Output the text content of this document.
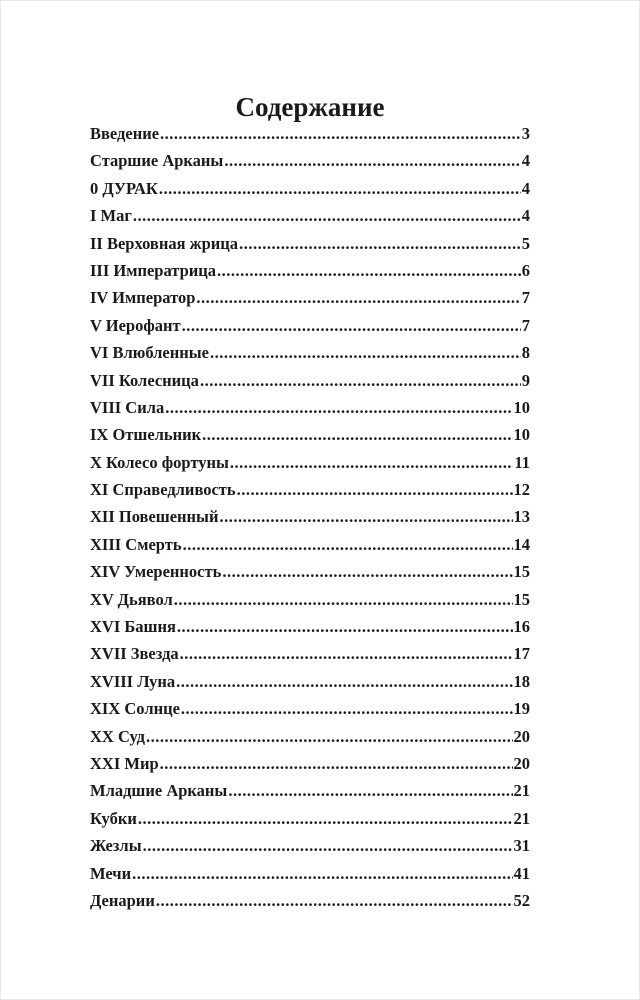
Содержание
Введение .....	3
Старшие Арканы .....	4
0 ДУРАК .....	4
I Маг .....	4
II Верховная жрица .....	5
III Императрица .....	6
IV Император .....	7
V Иерофант .....	7
VI Влюбленные .....	8
VII Колесница .....	9
VIII Сила .....	10
IX Отшельник .....	10
X Колесо фортуны .....	11
XI Справедливость .....	12
XII Повешенный .....	13
XIII Смерть .....	14
XIV Умеренность .....	15
XV Дьявол .....	15
XVI Башня .....	16
XVII Звезда .....	17
XVIII Луна .....	18
XIX Солнце .....	19
XX Суд .....	20
XXI Мир .....	20
Младшие Арканы .....	21
Кубки .....	21
Жезлы .....	31
Мечи .....	41
Денарии .....	52
